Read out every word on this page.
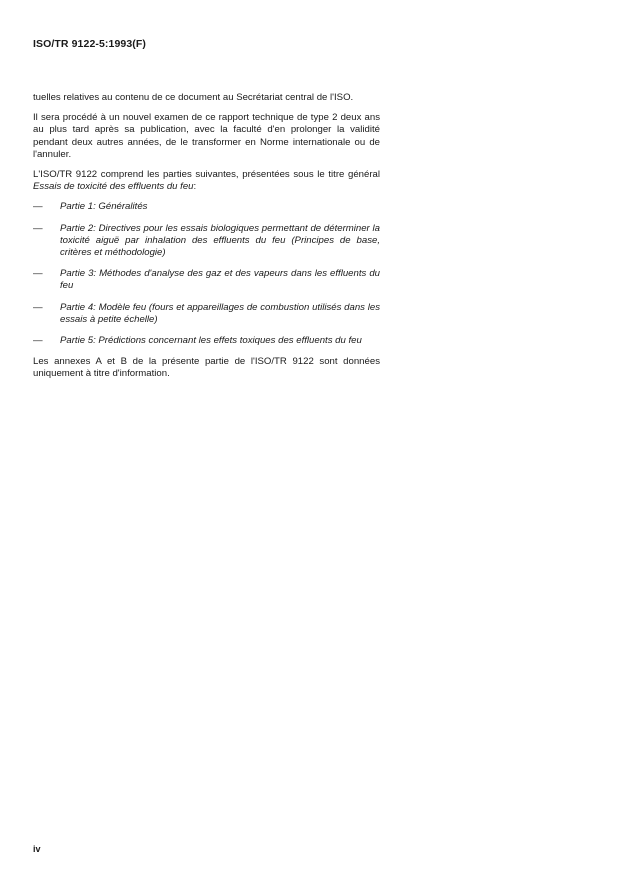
ISO/TR 9122-5:1993(F)

tuelles relatives au contenu de ce document au Secrétariat central de l'ISO.

Il sera procédé à un nouvel examen de ce rapport technique de type 2 deux ans au plus tard après sa publication, avec la faculté d'en prolonger la validité pendant deux autres années, de le transformer en Norme internationale ou de l'annuler.

L'ISO/TR 9122 comprend les parties suivantes, présentées sous le titre général Essais de toxicité des effluents du feu:

— Partie 1: Généralités
— Partie 2: Directives pour les essais biologiques permettant de déterminer la toxicité aiguë par inhalation des effluents du feu (Principes de base, critères et méthodologie)
— Partie 3: Méthodes d'analyse des gaz et des vapeurs dans les effluents du feu
— Partie 4: Modèle feu (fours et appareillages de combustion utilisés dans les essais à petite échelle)
— Partie 5: Prédictions concernant les effets toxiques des effluents du feu

Les annexes A et B de la présente partie de l'ISO/TR 9122 sont données uniquement à titre d'information.

iv
